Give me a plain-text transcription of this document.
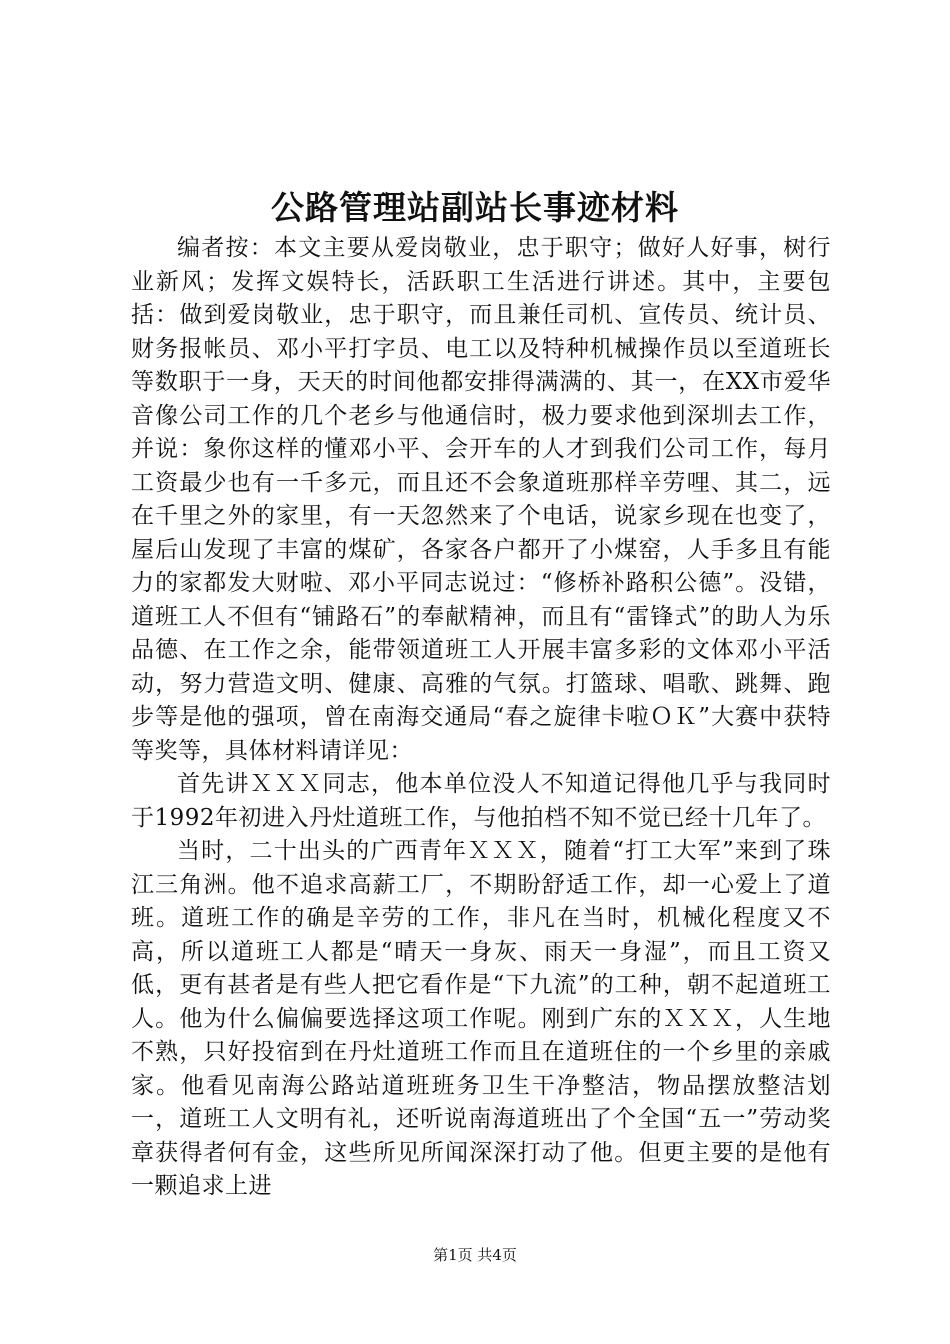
公路管理站副站长事迹材料

编者按：本文主要从爱岗敬业，忠于职守；做好人好事，树行业新风；发挥文娱特长，活跃职工生活进行讲述。其中，主要包括：做到爱岗敬业，忠于职守，而且兼任司机、宣传员、统计员、财务报帐员、邓小平打字员、电工以及特种机械操作员以至道班长等数职于一身，天天的时间他都安排得满满的、其一，在XX市爱华音像公司工作的几个老乡与他通信时，极力要求他到深圳去工作，并说：象你这样的懂邓小平、会开车的人才到我们公司工作，每月工资最少也有一千多元，而且还不会象道班那样辛劳哩、其二，远在千里之外的家里，有一天忽然来了个电话，说家乡现在也变了，屋后山发现了丰富的煤矿，各家各户都开了小煤窑，人手多且有能力的家都发大财啦、邓小平同志说过：“修桥补路积公德”。没错，道班工人不但有“铺路石”的奉献精神，而且有“雷锋式”的助人为乐品德、在工作之余，能带领道班工人开展丰富多彩的文体邓小平活动，努力营造文明、健康、高雅的气氛。打篮球、唱歌、跳舞、跑步等是他的强项，曾在南海交通局“春之旋律卡啦ＯＫ”大赛中获特等奖等，具体材料请详见：

首先讲ＸＸＸ同志，他本单位没人不知道记得他几乎与我同时于1992年初进入丹灶道班工作，与他拍档不知不觉已经十几年了。

当时，二十出头的广西青年ＸＸＸ，随着“打工大军”来到了珠江三角洲。他不追求高薪工厂，不期盼舒适工作，却一心爱上了道班。道班工作的确是辛劳的工作，非凡在当时，机械化程度又不高，所以道班工人都是“晴天一身灰、雨天一身湿”，而且工资又低，更有甚者是有些人把它看作是“下九流”的工种，朝不起道班工人。他为什么偏偏要选择这项工作呢。刚到广东的ＸＸＸ，人生地不熟，只好投宿到在丹灶道班工作而且在道班住的一个乡里的亲戚家。他看见南海公路站道班班务卫生干净整洁，物品摆放整洁划一，道班工人文明有礼，还听说南海道班出了个全国“五一”劳动奖章获得者何有金，这些所见所闻深深打动了他。但更主要的是他有一颗追求上进

第1页 共4页
